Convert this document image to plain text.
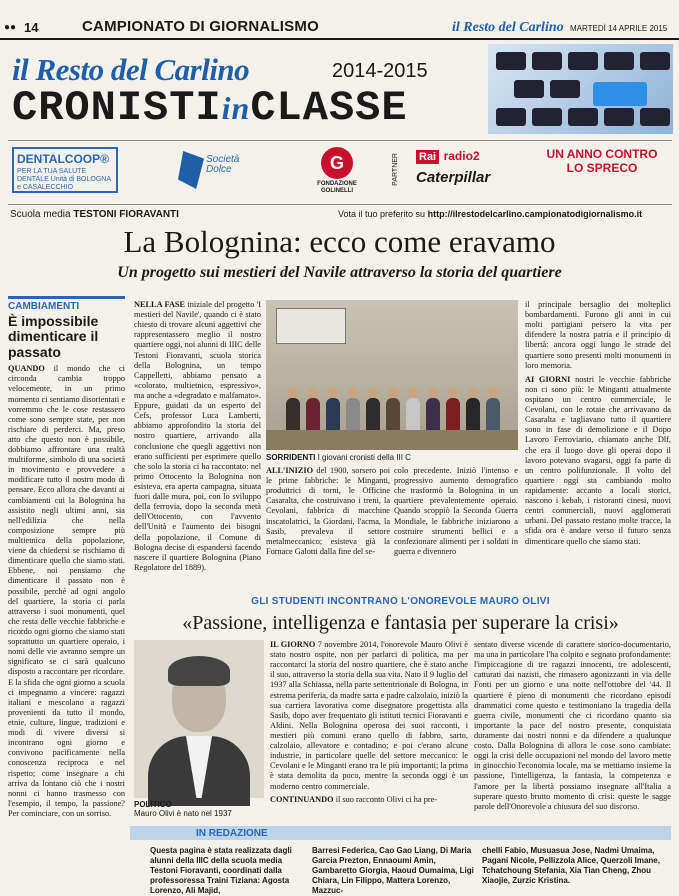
●● 14	CAMPIONATO DI GIORNALISMO	il Resto del Carlino MARTEDÌ 14 APRILE 2015
il Resto del Carlino	2014-2015
CRONISTIinCLASSE
DENTALCOOP®
PER LA TUA SALUTE DENTALE Unità di BOLOGNA e CASALECCHIO
Società Dolce	G
FONDAZIONE GOLINELLI
PARTNER Rai radio2
Caterpillar
UN ANNO CONTRO
LO SPRECO
Scuola media TESTONI FIORAVANTI	Vota il tuo preferito su http://ilrestodelcarlino.campionatodigiornalismo.it
La Bolognina: ecco come eravamo
Un progetto sui mestieri del Navile attraverso la storia del quartiere
CAMBIAMENTI
È impossibile dimenticare il passato

QUANDO il mondo che ci circonda cambia troppo velocemente, in un primo momento ci sentiamo disorientati e vorremmo che le cose restassero come sono sempre state, per non rischiare di perderci. Ma, preso atto che questo non è possibile, dobbiamo affrontare una realtà multiforme, simbolo di una società in movimento e provvedere a modificare tutto il nostro modo di pensare. Ecco allora che davanti ai cambiamenti cui la Bolognina ha assistito negli ultimi anni, sia nell'edilizia che nella composizione sempre più multietnica della popolazione, viene da chiedersi se rischiamo di dimenticare quello che siamo stati. Ebbene, noi pensiamo che dimenticare il passato non è possibile, perché ad ogni angolo del quartiere, la storia ci parla attraverso i suoi monumenti, quel che resta delle vecchie fabbriche e ricordo ogni giorno che siamo stati soprattutto un quartiere operaio, i nomi delle vie avranno sempre un significato se ci sarà qualcuno disposto a raccontare per ricordare. E la sfida che ogni giorno a scuola ci impegnamo a vincere: ragazzi italiani e mescolano a ragazzi provenienti da tutto il mondo, etnie, culture, lingue, tradizioni e modi di vivere diversi si incontrano ogni giorno e convivono pacificamente nella conoscenza reciproca e nel rispetto; come insegnare a chi arriva da lontano ciò che i nostri nonni ci hanno trasmesso con l'esempio, il tempo, la passione? Per cominciare, con un sorriso.

NELLA FASE iniziale del progetto 'I mestieri del Navile', quando ci è stato chiesto di trovare alcuni aggettivi che rappresentassero meglio il nostro quartiere oggi, noi alunni di IIIC delle Testoni Fioravanti, scuola storica della Bolognina, un tempo Cappelletti, abbiamo pensato a «colorato, multietnico, espressivo», ma anche a «degradato e malfamato». Eppure, guidati da un esperto del Cefs, professor Luca Lamberti, abbiamo approfondito la storia del nostro quartiere, arrivando alla conclusione che quegli aggettivi non erano sufficienti per esprimere quello che solo la storia ci ha raccontato: nel primo Ottocento la Bolognina non esisteva, era aperta campagna, situata fuori dalle mura, poi, con lo sviluppo della ferrovia, dopo la seconda metà dell'Ottocento, con l'avvento dell'Unità e l'aumento dei bisogni della popolazione, il Comune di Bologna decise di espandersi facendo nascere il quartiere Bolognina (Piano Regolatore del 1889).

SORRIDENTI I giovani cronisti della III C

ALL'INIZIO del 1900, sorsero poi le prime fabbriche: le Minganti, produttrici di torni, le Officine Casaralta, che costruivano i treni, la Cevolani, fabbrica di macchine inscatolatrici, la Giordani, l'acma, la Sasib, prevaleva il settore metalmeccanico; esisteva già la Fornace Galotti dalla fine del se-

colo precedente. Iniziò l'intenso e progressivo aumento demografico che trasformò la Bolognina in un quartiere prevalentemente operaio. Quando scoppiò la Seconda Guerra Mondiale, le fabbriche iniziarono a costruire strumenti bellici e a confezionare alimenti per i soldati in guerra e divennero

il principale bersaglio dei molteplici bombardamenti. Furono gli anni in cui molti partigiani persero la vita per difendere la nostra patria e il principio di libertà: ancora oggi lungo le strade del quartiere sono presenti molti monumenti in loro memoria.

AI GIORNI nostri le vecchie fabbriche non ci sono più: le Minganti attualmente ospitano un centro commerciale, le Cevolani, con le rotaie che arrivavano da Casaralta e tagliavano tutto il quartiere sono in fase di demolizione e il Dopo Lavoro Ferroviario, chiamato anche Dlf, che era il luogo dove gli operai dopo il lavoro potevano svagarsi, oggi fa parte di un centro polifunzionale. Il volto del quartiere oggi sta cambiando molto rapidamente: accanto a locali storici, nascono i kebab, i ristoranti cinesi, nuovi centri commerciali, nuovi agglomerati urbani. Del passato restano molte tracce, la sfida ora è andare verso il futuro senza dimenticare quello che siamo stati.

GLI STUDENTI INCONTRANO L'ONOREVOLE MAURO OLIVI
«Passione, intelligenza e fantasia per superare la crisi»
POLITICO
Mauro Olivi è nato nel 1937

IL GIORNO 7 novembre 2014, l'onorevole Mauro Olivi è stato nostro ospite, non per parlarci di politica, ma per raccontarci la storia del nostro quartiere, che è stato anche il suo, attraverso la storia della sua vita. Nato il 9 luglio del 1937 alla Schiassa, nella parte settentrionale di Bologna, in estrema periferia, da madre sarta e padre calzolaio, iniziò la sua carriera lavorativa come disegnatore progettista alla Sasib, dopo aver frequentato gli istituti tecnici Fioravanti e Aldini. Nella Bolognina operosa dei suoi racconti, i mestieri più comuni erano quello di fabbro, sarto, calzolaio, allevatore e contadino; e poi c'erano alcune industrie, in particolare quelle del settore meccanico: le Cevolani e le Minganti erano tra le più importanti; la prima è stata demolita da poco, mentre la seconda oggi è un moderno centro commerciale.

CONTINUANDO il suo racconto Olivi ci ha pre-

sentato diverse vicende di carattere storico-documentario, ma una in particolare l'ha colpito e segnato profondamente: l'impiccagione di tre ragazzi innocenti, tre adolescenti, catturati dai nazisti, che rimasero agonizzanti in via delle Fonti per un giorno e una notte nell'ottobre del '44. Il quartiere è pieno di monumenti che ricordano episodi drammatici come questo e testimoniano la tragedia della guerra civile, monumenti che ci ricordano quanto sia importante la pace del nostro presente, conquistata duramente dai nostri nonni e da difendere a qualunque costo. Dalla Bolognina di allora le cose sono cambiate: oggi la crisi delle occupazioni nel mondo del lavoro mette in ginocchio l'economia locale, ma se mettiamo insieme la passione, l'intelligenza, la fantasia, la competenza e l'amore per la libertà possiamo insegnare all'Italia a superare questo brutto momento di crisi: queste le sagge parole dell'Onorevole a chiusura del suo discorso.

IN REDAZIONE

Questa pagina è stata realizzata dagli alunni della IIIC della scuola media Testoni Fioravanti, coordinati dalla professoressa Traini Tiziana: Agosta Lorenzo, Ali Majid,

Barresi Federica, Cao Gao Liang, Di Maria Garcia Prezton, Ennaoumi Amin, Gambaretto Giorgia, Haoud Oumaima, Ligi Chiara, Lin Filippo, Mattera Lorenzo, Mazzuc-

chelli Fabio, Musuasua Jose, Nadmi Umaima, Pagani Nicole, Pellizzola Alice, Querzoli Imane, Tchatchoung Stefania, Xia Tian Cheng, Zhou Xiaojie, Zurzic Kristina.
